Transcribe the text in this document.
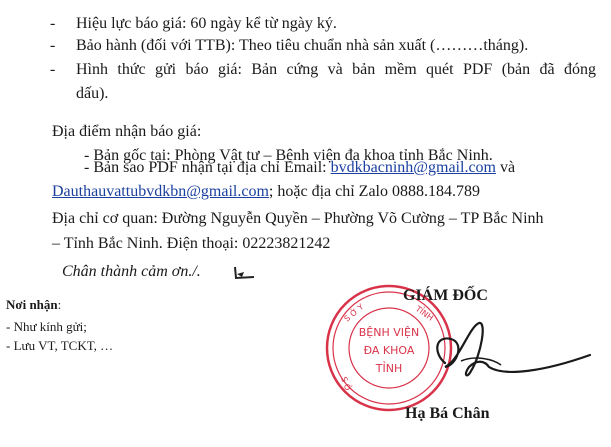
- Hiệu lực báo giá: 60 ngày kể từ ngày ký.
- Bảo hành (đối với TTB): Theo tiêu chuẩn nhà sản xuất (………tháng).
- Hình thức gửi báo giá: Bản cứng và bản mềm quét PDF (bản đã đóng
dấu).
Địa điểm nhận báo giá:
- Bản gốc tại: Phòng Vật tư – Bệnh viện đa khoa tỉnh Bắc Ninh.
- Bản sao PDF nhận tại địa chỉ Email: bvdkbacninh@gmail.com và
Dauthauvattubvdkbn@gmail.com; hoặc địa chỉ Zalo 0888.184.789
Địa chỉ cơ quan: Đường Nguyễn Quyền – Phường Võ Cường – TP Bắc Ninh
– Tỉnh Bắc Ninh. Điện thoại: 02223821242
Chân thành cảm ơn./.
Nơi nhận:
- Như kính gửi;
- Lưu VT, TCKT, …
S Ở Y	TỈNH
S Ở
BỆNH VIỆN
ĐA KHOA
TỈNH
GIÁM ĐỐC
Hạ Bá Chân
